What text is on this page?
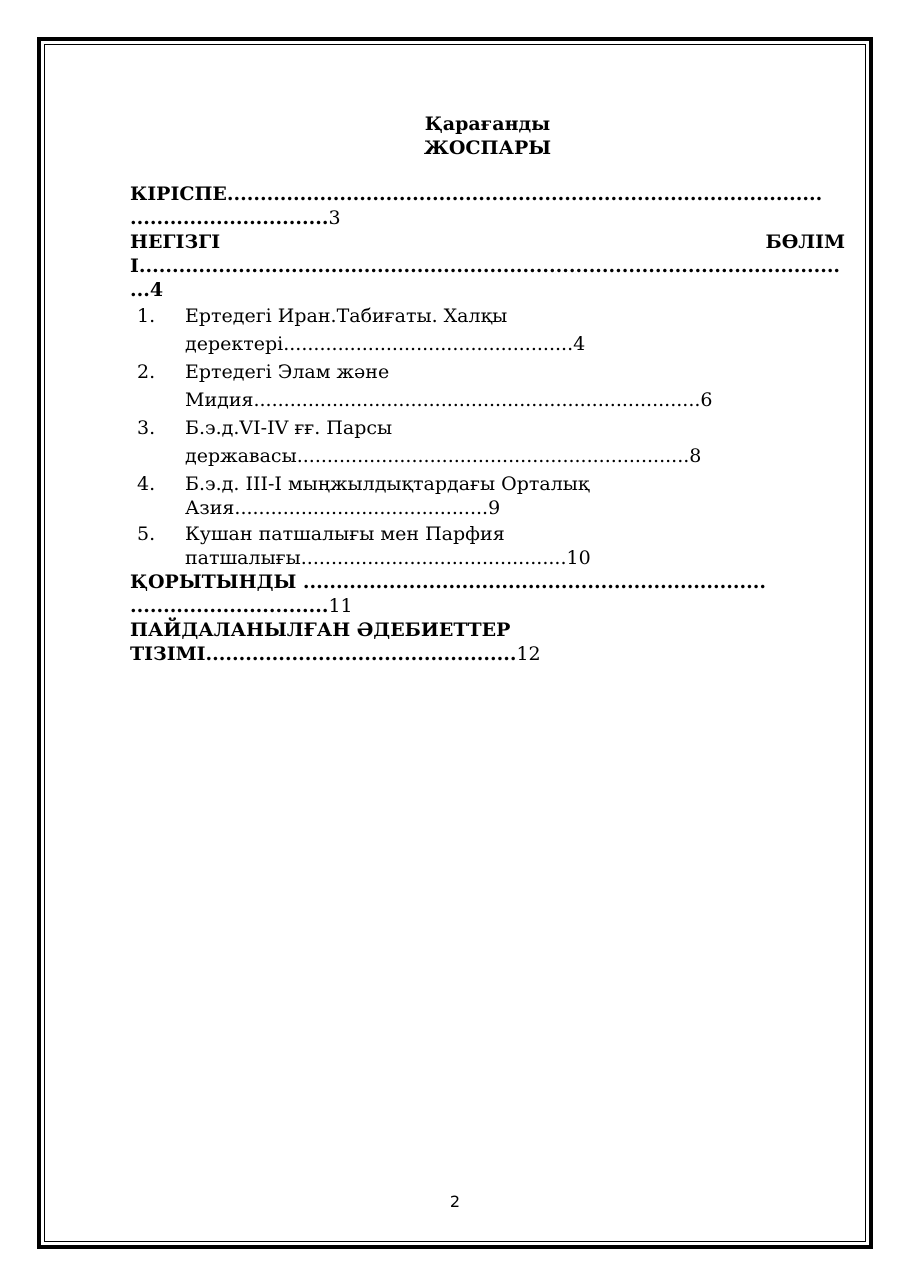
Қарағанды
ЖОСПАРЫ
КІРІСПЕ..........................................................................................
..............................3
НЕГІЗГІ	БӨЛІМ
І..........................................................................................................
...4
1.	Ертедегі Иран.Табиғаты. Халқы
деректері................................................4
2.	Ертедегі Элам және
Мидия..........................................................................6
3.	Б.э.д.VI-IV ғғ. Парсы
державасы.................................................................8
4.	Б.э.д. ІІІ-І мыңжылдықтардағы Орталық
Азия..........................................9
5.	Кушан патшалығы мен Парфия
патшалығы............................................10
ҚОРЫТЫНДЫ ......................................................................
..............................11
ПАЙДАЛАНЫЛҒАН ӘДЕБИЕТТЕР
ТІЗІМІ...............................................12
2
